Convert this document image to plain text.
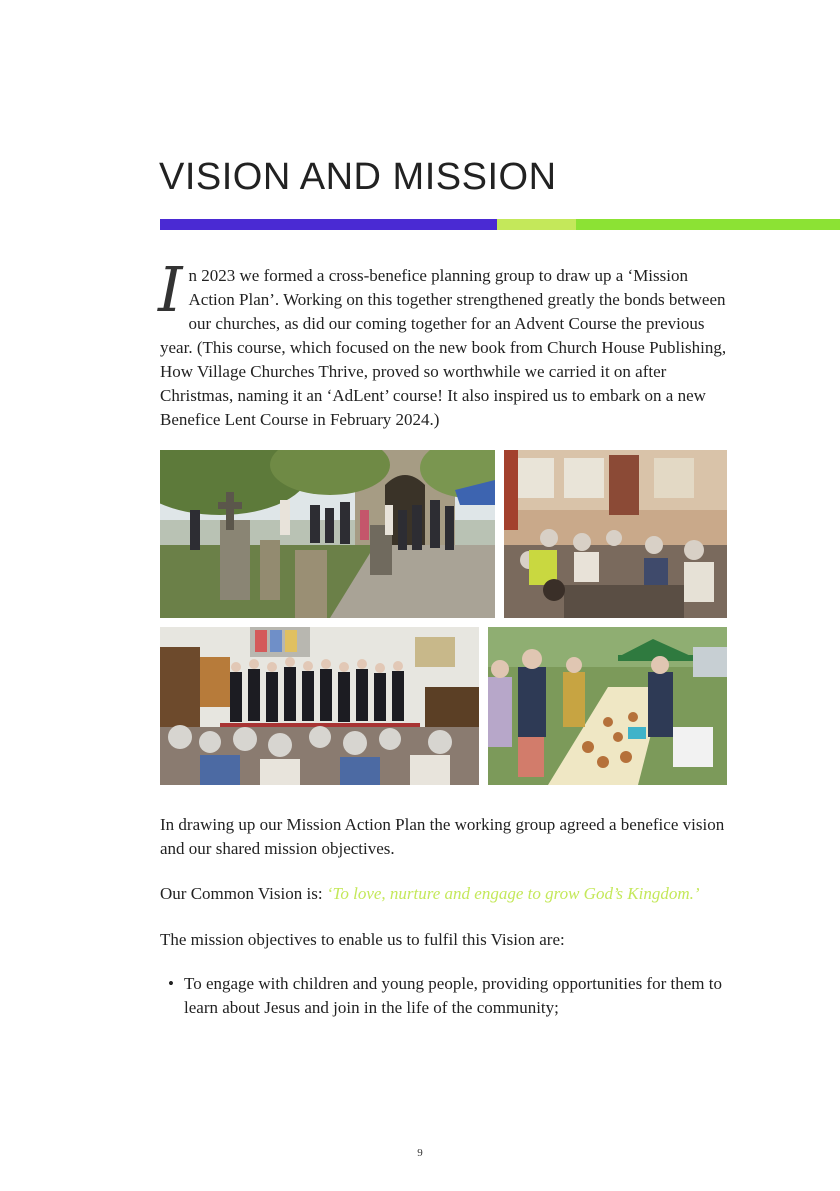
VISION AND MISSION

In 2023 we formed a cross-benefice planning group to draw up a ‘Mission Action Plan’. Working on this together strengthened greatly the bonds between our churches, as did our coming together for an Advent Course the previous year. (This course, which focused on the new book from Church House Publishing, How Village Churches Thrive, proved so worthwhile we carried it on after Christmas, naming it an ‘AdLent’ course! It also inspired us to embark on a new Benefice Lent Course in February 2024.)

In drawing up our Mission Action Plan the working group agreed a benefice vision and our shared mission objectives.

Our Common Vision is: ‘To love, nurture and engage to grow God’s Kingdom.’

The mission objectives to enable us to fulfil this Vision are:

• To engage with children and young people, providing opportunities for them to learn about Jesus and join in the life of the community;
9
